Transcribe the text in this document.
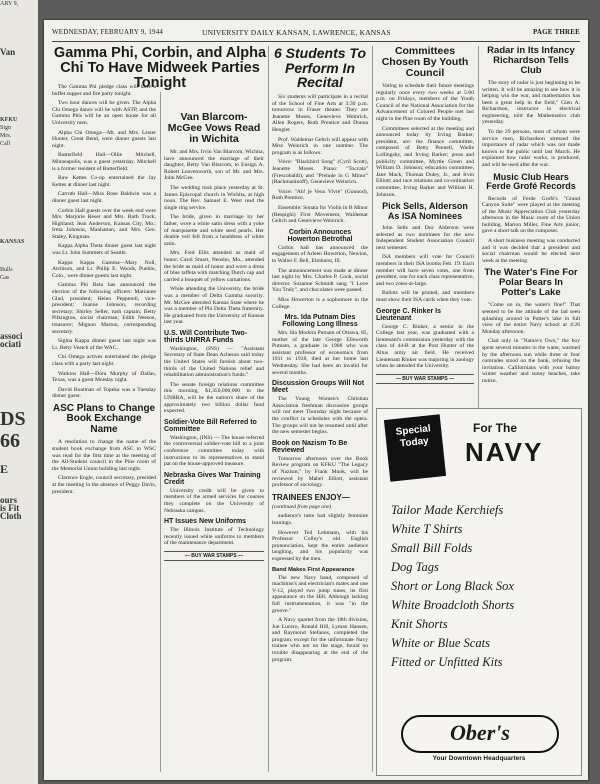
ARY 9,
Van
KFKU
Sign
Mrs.
Call
KANSAS
Bulls
Gas
associ
ociati
DS
66
E
ours
is Fit
Cloth
WEDNESDAY, FEBRUARY 9, 1944	UNIVERSITY DAILY KANSAN, LAWRENCE, KANSAS	PAGE THREE
Gamma Phi, Corbin, and Alpha Chi To Have Midweek Parties Tonight

The Gamma Phi pledge class will have a buffet supper and fire party tonight.

Two hour dances will be given. The Alpha Chi Omega dance will be with ASTP, and the Gamma Phis will be an open house for all University men.

Alpha Chi Omega—Mr. and Mrs. Lester Hunter, Great Bend, were dinner guests last night.

Butterfield Hall—Ollie Mitchell, Minneapolis, was a guest yesterday. Mitchell is a former resident of Butterfield.

Raw Kettes Co-op entertained the Jay Kettes at dinner last night.

Carruth Hall—Miss Rose Baldwin was a dinner guest last night.

Corbin Hall guests over the week end were Mrs. Marjorie Reser and Mrs. Ruth Trock, Highland; Jean Anderson, Kansas City, Mo.; Irma Johnson, Manhattan; and Mrs. Geo. Staley, Kingman.

Kappa Alpha Theta dinner guest last night was Lt. John Summers of Seattle.

Kappa Kappa Gamma—Mary Noll, Atchison, and Lt. Philip E. Woods, Pueblo, Colo., were dinner guests last night.

Gamma Phi Beta has announced the election of the following officers: Marianne Glad, president; Helen Pepperell, vice-president; Joanne Johnson, recording secretary; Shirley Seller, rush captain; Betty Pilkington, social chairman; Edith Neeson, treasurer; Mignon Marton, corresponding secretary.

Sigma Kappa dinner guest last night was Lt. Betty Veatch of the WAC.

Chi Omega actives entertained the pledge class with a party last night.

Watkins Hall—Dora Murphy of Dallas, Texas, was a guest Monday night.

David Boatman of Topeka was a Tuesday dinner guest.

ASC Plans to Change Book Exchange Name

A resolution to change the name of the student book exchange from ASC to WSC was read for the first time at the meeting of the All-Student council in the Pine room of the Memorial Union building last night.

Clarence Engle, council secretary, presided at the meeting in the absence of Peggy Davis, president.

Van Blarcom-McGee Vows Read in Wichita

Mr. and Mrs. Irvin Van Blarcom, Wichita, have announced the marriage of their daughter, Betty Van Blarcom, to Ensign A. Robert Leavenworth, son of Mr. and Mrs. John McGee.

The wedding took place yesterday at St. James Episcopal church in Wichita, at high noon. The Rev. Samuel E. West read the single ring service.

The bride, given in marriage by her father, wore a white satin dress with a yoke of marquisette and white seed pearls. Her double veil fell from a headdress of white satin.

Mrs. Fred Ellis attended as maid of honor. Carol Stuart, Neosho, Mo., attended the bride as maid of honor and wore a dress of blue taffeta with matching Dutch cap and carried a bouquet of yellow carnations.

While attending the University, the bride was a member of Delta Gamma sorority. Mr. McGee attended Kansas State where he was a member of Phi Delta Theta fraternity. He graduated from the University of Kansas last year.

U.S. Will Contribute Two-thirds UNRRA Funds

Washington, (INS) — "Assistant Secretary of State Dean Acheson said today the United States will furnish about two-thirds of the United Nations relief and rehabilitation administration's funds."

The senate foreign relations committee this morning, $1,350,000,000 to the UNRRA, will be the nation's share of the approximately two billion dollar fund expected.

Soldier-Vote Bill Referred to Committee

Washington, (INS) — The house referred the controversial soldier-vote bill to a joint conference committee today with instructions to its representatives to stand pat on the house-approved measure.

Nebraska Gives War Training Credit

University credit will be given to members of the armed services for courses they complete on the University of Nebraska campus.

HT Issues New Uniforms

The Illinois Institute of Technology recently issued white uniforms to members of the maintenance department.

— BUY WAR STAMPS —
6 Students To Perform In Recital

Six students will participate in a recital of the School of Fine Arts at 3:30 p.m. tomorrow in Fraser theater. They are Jeanette Moses, Genevieve Weinrich, Allen Rogers, Ruth Prentice and Donna Hengler.

Prof. Waldemar Geltch will appear with Miss Weinrich in one number. The program is as follows:

Voice: "Blackbird Song" (Cyril Scott), Jeanette Moses. Piano: "Toccata" (Frescobaldi), and "Prelude in G Minor" (Rachmaninoff), Genevieve Weinrich.

Voice: "Ah! je Veux Vivre" (Gounod), Ruth Prentice.

Ensemble: Sonata for Violin in B Minor (Respighi) First Movement, Waldemar Geltch and Genevieve Weinrich.

Corbin Announces Howerton Betrothal

Corbin hall has announced the engagement of Arleen Howerton, Newton, to Walter F. Bell, Elmhurst, Ill.

The announcement was made at dinner last night by Mrs. Charles P. Cook, social director. Suzanne Schmidt sang "I Love You Truly", and chocolates were passed.

Miss Howerton is a sophomore in the College.

Mrs. Ida Putnam Dies Following Long Illness

Mrs. Ida Modora Putnam of Ottawa, 85, mother of the late George Ellsworth Putnam, a graduate in 1908 who was assistant professor of economics from 1911 to 1918, died at her home last Wednesday. She had been an invalid for several months.

Discussion Groups Will Not Meet

The Young Women's Christian Association freshman discussion groups will not meet Thursday night because of the conflict in schedules with the opera. The groups will not be resumed until after the new semester begins.

Book on Nazism To Be Reviewed

Tomorrow afternoon over the Book Review program on KFKU "The Legacy of Nazism," by Frank Munk, will be reviewed by Mabel Elliott, assistant professor of sociology.

TRAINEES ENJOY—
(continued from page one)

audience's taste had slightly feminine leanings.

However Ted Lehmann, with his Professor Colley's old English pronunciation, kept the entire audience laughing, and his popularity was expressed by the men.

Band Makes First Appearance

The new Navy band, composed of machinist's and electrician's mates and one V-12, played two jump tunes, its first appearance on the Hill. Although lacking full instrumentation, it was "in the groove."

A Navy quartet from the 18th division, Joe Lucero, Ronald Hill, Lyman Hansen, and Raymond Stefanos, completed the program, except for the unfortunate Navy trainee who not on the stage, found no trouble disappearing at the end of the program.

Committees Chosen By Youth Council

Voting to schedule their future meetings regularly once every two weeks at 5:00 p.m. on Fridays, members of the Youth Council of the National Association for the Advancement of Colored People met last night in the Pine room of the building.

Committees selected at the meeting and announced today by Irving Barker, president, are: the finance committee, composed of Betty Pennell, Wadie Lollingsby, and Irving Barker; press and publicity committee, Myrtle Green and William D. Johnson; education committee, Jane Mack, Thomas Duley, Jr., and Irvin Elliott; and race relations and co-ordination committee, Irving Barker and William H. Johnson.

Pick Sells, Alderson As ISA Nominees

John Sells and Doc Alderson were selected as two nominees for the new Independent Student Association Council next semester.

ISA members will vote for Council members in their ISA booths Feb. 19. Each member will have seven votes, one from president, one for each class representative, and two votes-at-large.

Ballots will be printed, and members must show their ISA cards when they vote.

George C. Rinker Is Lieutenant

George C. Rinker, a senior in the College last year, was graduated with a lieutenant's commission yesterday with the class of 44-B at the Post Hunter of the Altus army air field. He received Lieutenant Rinker was majoring in zoology when he attended the University.

— BUY WAR STAMPS —
Radar in Its Infancy Richardson Tells Club

The story of radar is just beginning to be written. It will be amazing to see how it is helping win the war, and mathematics has been a great help in the field," Glen A. Richardson, instructor in electrical engineering, told the Mathematics club yesterday.

To the 29 persons, most of whom were service men, Richardson stressed the importance of radar which was not made known to the public until last March. He explained how radar works, is produced, and will be used after the war.

Music Club Hears Ferde Grofé Records

Records of Ferde Grofé's "Grand Canyon Suite" were played at the meeting of the Music Appreciation Club yesterday afternoon in the Music room of the Union building. Marion Miller, Fine Arts junior, gave a short talk on the composer.

A short business meeting was conducted and it was decided that a president and social chairman would be elected next week at the meeting.

The Water's Fine For Polar Bears In Potter's Lake

"Come on in, the water's fine!" That seemed to be the attitude of the lad seen splashing around in Potter's lake in full view of the entire Navy school at 4:26 Monday afternoon.

Clad only in "Nature's Own," the boy spent several minutes in the water, warmed by the afternoon sun while three or four comrades stood on the bank, refusing the invitation. Californians with your balmy winter weather and sunny beaches, take notice.

Special Today
For The
NAVY
Tailor Made Kerchiefs
White T Shirts
Small Bill Folds
Dog Tags
Short or Long Black Sox
White Broadcloth Shorts
Knit Shorts
White or Blue Scats
Fitted or Unfitted Kits
Ober's
Your Downtown Headquarters
